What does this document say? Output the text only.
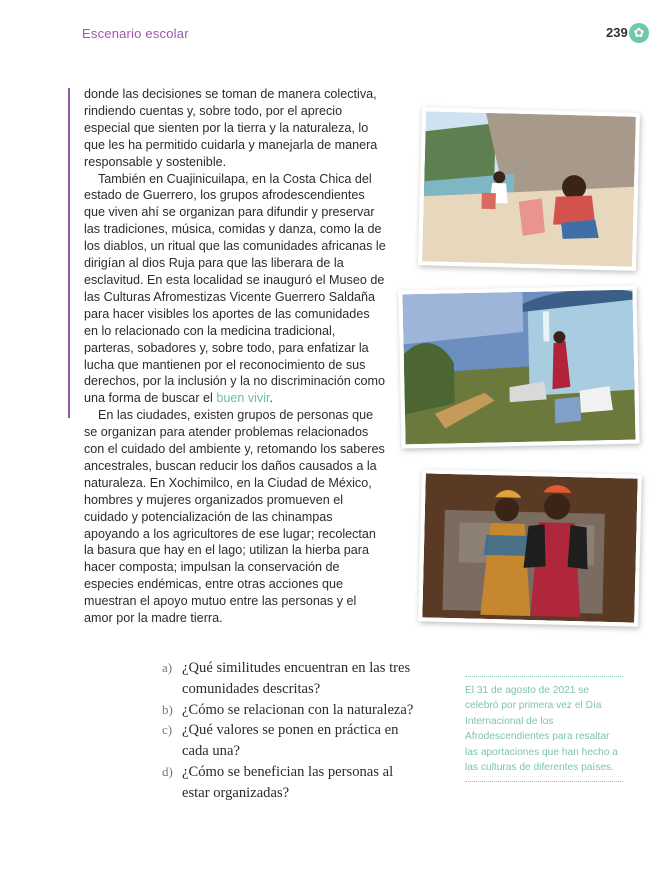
Escenario escolar	239 ✿

donde las decisiones se toman de manera colectiva, rindiendo cuentas y, sobre todo, por el aprecio especial que sienten por la tierra y la naturaleza, lo que les ha permitido cuidarla y manejarla de manera responsable y sostenible.

También en Cuajinicuilapa, en la Costa Chica del estado de Guerrero, los grupos afrodescendientes que viven ahí se organizan para difundir y preservar las tradiciones, música, comidas y danza, como la de los diablos, un ritual que las comunidades africanas le dirigían al dios Ruja para que las liberara de la esclavitud. En esta localidad se inauguró el Museo de las Culturas Afromestizas Vicente Guerrero Saldaña para hacer visibles los aportes de las comunidades en lo relacionado con la medicina tradicional, parteras, sobadores y, sobre todo, para enfatizar la lucha que mantienen por el reconocimiento de sus derechos, por la inclusión y la no discriminación como una forma de buscar el buen vivir.

En las ciudades, existen grupos de personas que se organizan para atender problemas relacionados con el cuidado del ambiente y, retomando los saberes ancestrales, buscan reducir los daños causados a la naturaleza. En Xochimilco, en la Ciudad de México, hombres y mujeres organizados promueven el cuidado y potencialización de las chinampas apoyando a los agricultores de ese lugar; recolectan la basura que hay en el lago; utilizan la hierba para hacer composta; impulsan la conservación de especies endémicas, entre otras acciones que muestran el apoyo mutuo entre las personas y el amor por la madre tierra.

a) ¿Qué similitudes encuentran en las tres comunidades descritas?
b) ¿Cómo se relacionan con la naturaleza?
c) ¿Qué valores se ponen en práctica en cada una?
d) ¿Cómo se benefician las personas al estar organizadas?
El 31 de agosto de 2021 se celebró por primera vez el Día Internacional de los Afrodescendientes para resaltar las aportaciones que han hecho a las culturas de diferentes países.
